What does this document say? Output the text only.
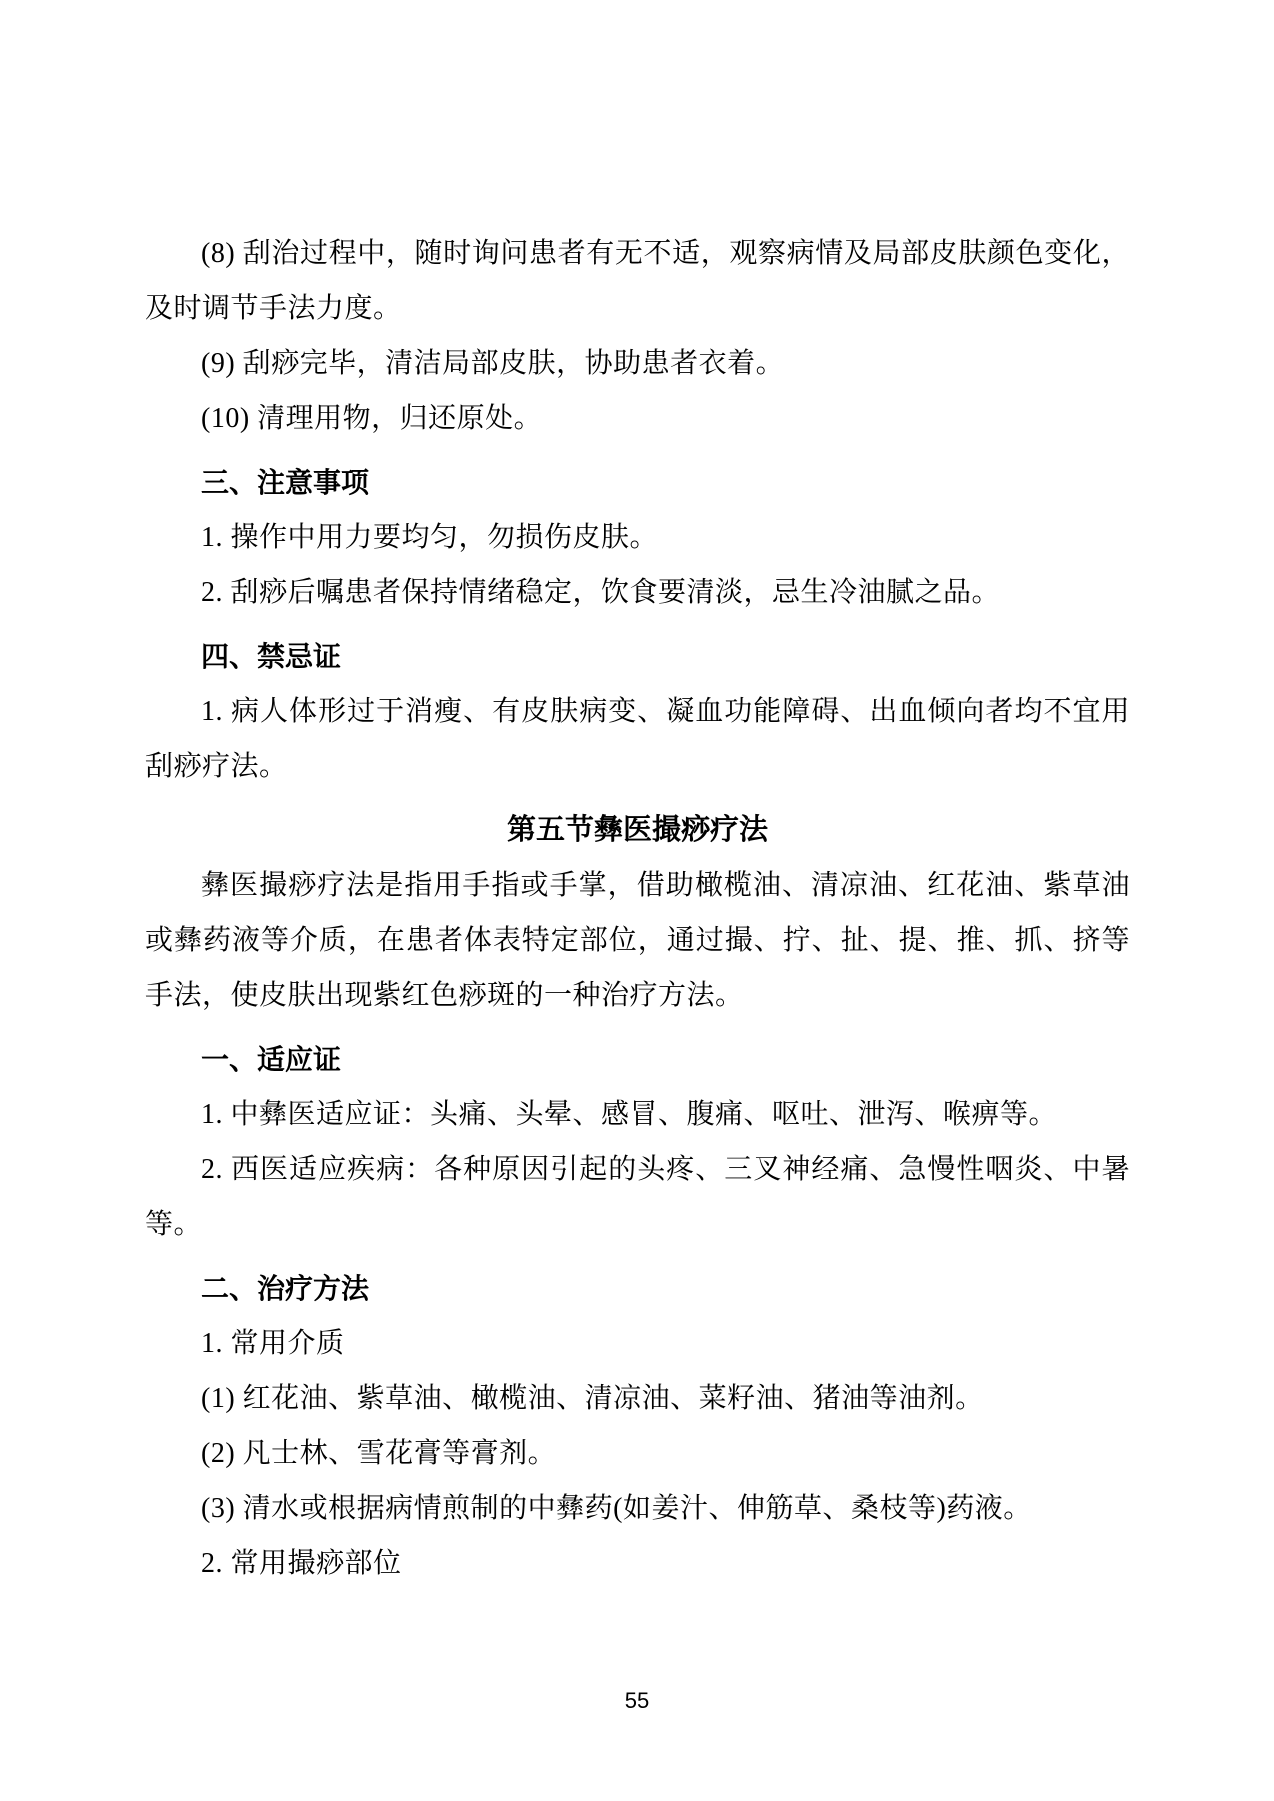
(8) 刮治过程中，随时询问患者有无不适，观察病情及局部皮肤颜色变化，及时调节手法力度。

(9) 刮痧完毕，清洁局部皮肤，协助患者衣着。

(10) 清理用物，归还原处。

三、注意事项

1. 操作中用力要均匀，勿损伤皮肤。

2. 刮痧后嘱患者保持情绪稳定，饮食要清淡，忌生冷油腻之品。

四、禁忌证

1. 病人体形过于消瘦、有皮肤病变、凝血功能障碍、出血倾向者均不宜用刮痧疗法。

第五节彝医撮痧疗法

彝医撮痧疗法是指用手指或手掌，借助橄榄油、清凉油、红花油、紫草油或彝药液等介质，在患者体表特定部位，通过撮、拧、扯、提、推、抓、挤等手法，使皮肤出现紫红色痧斑的一种治疗方法。

一、适应证

1. 中彝医适应证：头痛、头晕、感冒、腹痛、呕吐、泄泻、喉痹等。

2. 西医适应疾病：各种原因引起的头疼、三叉神经痛、急慢性咽炎、中暑等。

二、治疗方法

1. 常用介质

(1) 红花油、紫草油、橄榄油、清凉油、菜籽油、猪油等油剂。

(2) 凡士林、雪花膏等膏剂。

(3) 清水或根据病情煎制的中彝药(如姜汁、伸筋草、桑枝等)药液。

2. 常用撮痧部位

55
